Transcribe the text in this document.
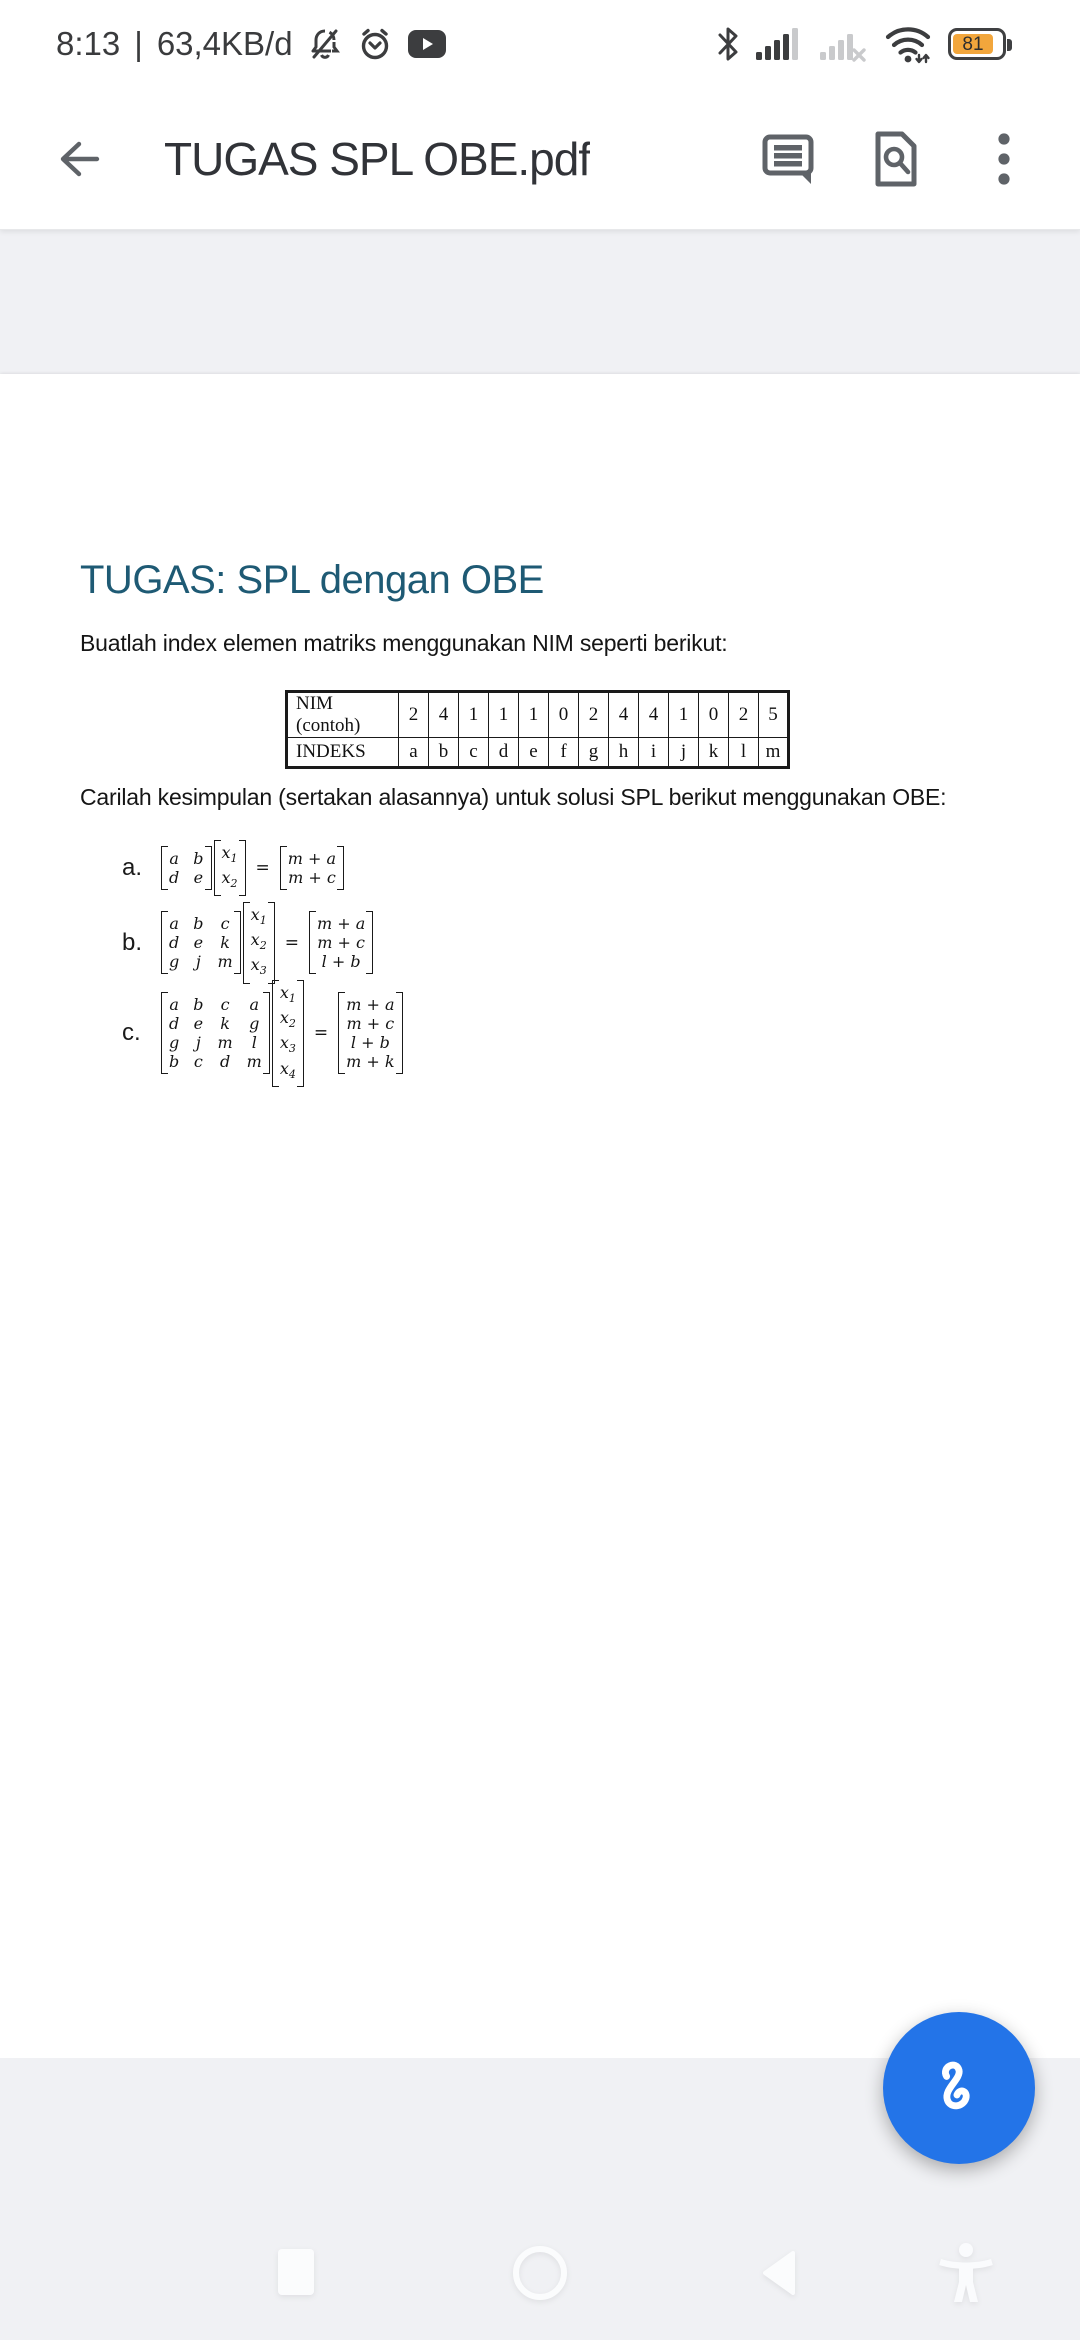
8:13 | 63,4KB/d	81
TUGAS SPL OBE.pdf
TUGAS: SPL dengan OBE
Buatlah index elemen matriks menggunakan NIM seperti berikut:
NIM (contoh)	2	4	1	1	1	0	2	4	4	1	0	2	5
INDEKS	a	b	c	d	e	f	g	h	i	j	k	l	m
Carilah kesimpulan (sertakan alasannya) untuk solusi SPL berikut menggunakan OBE:
a.	a b
d e
$x_1$
$x_2$
= m + a
m + c
b.
a b c
d e k
g j m
$x_1$
$x_2$
$x_3$
=
m + a
m + c
l + b
c.
a b c a
d e k g
g j m	l
b c d m
$x_1$
$x_2$
$x_3$
$x_4$
=
m + a
m + c
l + b
m + k
